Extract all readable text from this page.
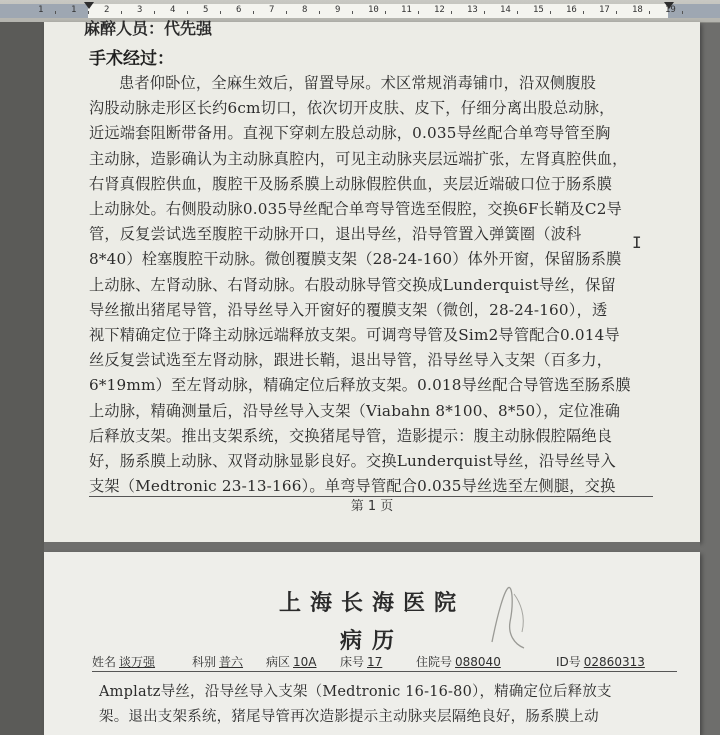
1	1	2	3	4	5	6	7	8	9	10 11 12 13 14 15 16 17 18 19
麻醉人员：代先强
手术经过：
患者仰卧位，全麻生效后，留置导尿。术区常规消毒铺巾，沿双侧腹股
沟股动脉走形区长约6cm切口，依次切开皮肤、皮下，仔细分离出股总动脉，
近远端套阻断带备用。直视下穿刺左股总动脉，0.035导丝配合单弯导管至胸
主动脉，造影确认为主动脉真腔内，可见主动脉夹层远端扩张，左肾真腔供血，
右肾真假腔供血，腹腔干及肠系膜上动脉假腔供血，夹层近端破口位于肠系膜
上动脉处。右侧股动脉0.035导丝配合单弯导管选至假腔，交换6F长鞘及C2导
管，反复尝试选至腹腔干动脉开口，退出导丝，沿导管置入弹簧圈（波科
8*40）栓塞腹腔干动脉。微创覆膜支架（28-24-160）体外开窗，保留肠系膜
上动脉、左肾动脉、右肾动脉。右股动脉导管交换成Lunderquist导丝，保留
导丝撤出猪尾导管，沿导丝导入开窗好的覆膜支架（微创，28-24-160），透
视下精确定位于降主动脉远端释放支架。可调弯导管及Sim2导管配合0.014导
丝反复尝试选至左肾动脉，跟进长鞘，退出导管，沿导丝导入支架（百多力，
6*19mm）至左肾动脉，精确定位后释放支架。0.018导丝配合导管选至肠系膜
上动脉，精确测量后，沿导丝导入支架（Viabahn 8*100、8*50），定位准确
后释放支架。推出支架系统，交换猪尾导管，造影提示：腹主动脉假腔隔绝良
好，肠系膜上动脉、双肾动脉显影良好。交换Lunderquist导丝，沿导丝导入
支架（Medtronic 23-13-166）。单弯导管配合0.035导丝选至左侧腿，交换
I
第 1 页
上海长海医院
病历
姓名 谈万强	科别 普六 病区 10A 床号 17	住院号 088040	ID号 02860313
Amplatz导丝，沿导丝导入支架（Medtronic 16-16-80），精确定位后释放支
架。退出支架系统，猪尾导管再次造影提示主动脉夹层隔绝良好，肠系膜上动
